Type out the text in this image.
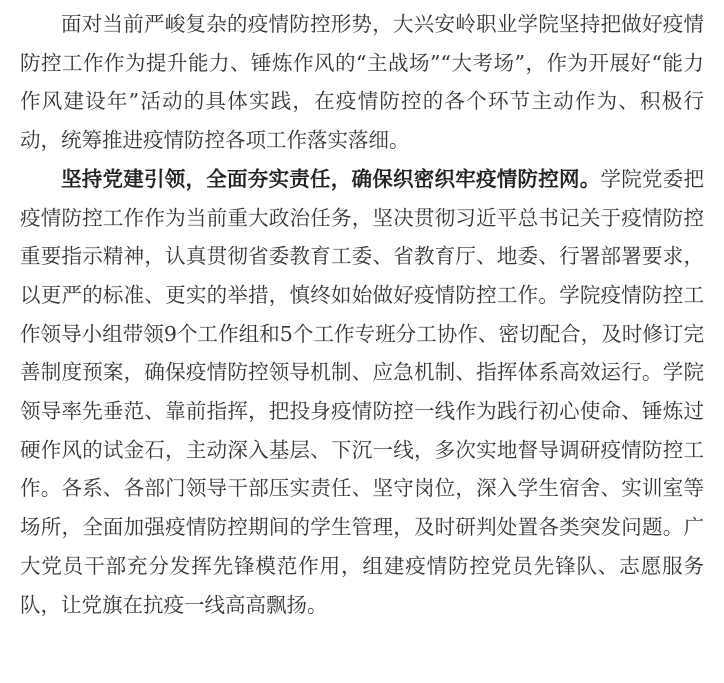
面对当前严峻复杂的疫情防控形势，大兴安岭职业学院坚持把做好疫情防控工作作为提升能力、锤炼作风的“主战场”“大考场”，作为开展好“能力作风建设年”活动的具体实践，在疫情防控的各个环节主动作为、积极行动，统筹推进疫情防控各项工作落实落细。

坚持党建引领，全面夯实责任，确保织密织牢疫情防控网。学院党委把疫情防控工作作为当前重大政治任务，坚决贯彻习近平总书记关于疫情防控重要指示精神，认真贯彻省委教育工委、省教育厅、地委、行署部署要求，以更严的标准、更实的举措，慎终如始做好疫情防控工作。学院疫情防控工作领导小组带领9个工作组和5个工作专班分工协作、密切配合，及时修订完善制度预案，确保疫情防控领导机制、应急机制、指挥体系高效运行。学院领导率先垂范、靠前指挥，把投身疫情防控一线作为践行初心使命、锤炼过硬作风的试金石，主动深入基层、下沉一线，多次实地督导调研疫情防控工作。各系、各部门领导干部压实责任、坚守岗位，深入学生宿舍、实训室等场所，全面加强疫情防控期间的学生管理，及时研判处置各类突发问题。广大党员干部充分发挥先锋模范作用，组建疫情防控党员先锋队、志愿服务队，让党旗在抗疫一线高高飘扬。
